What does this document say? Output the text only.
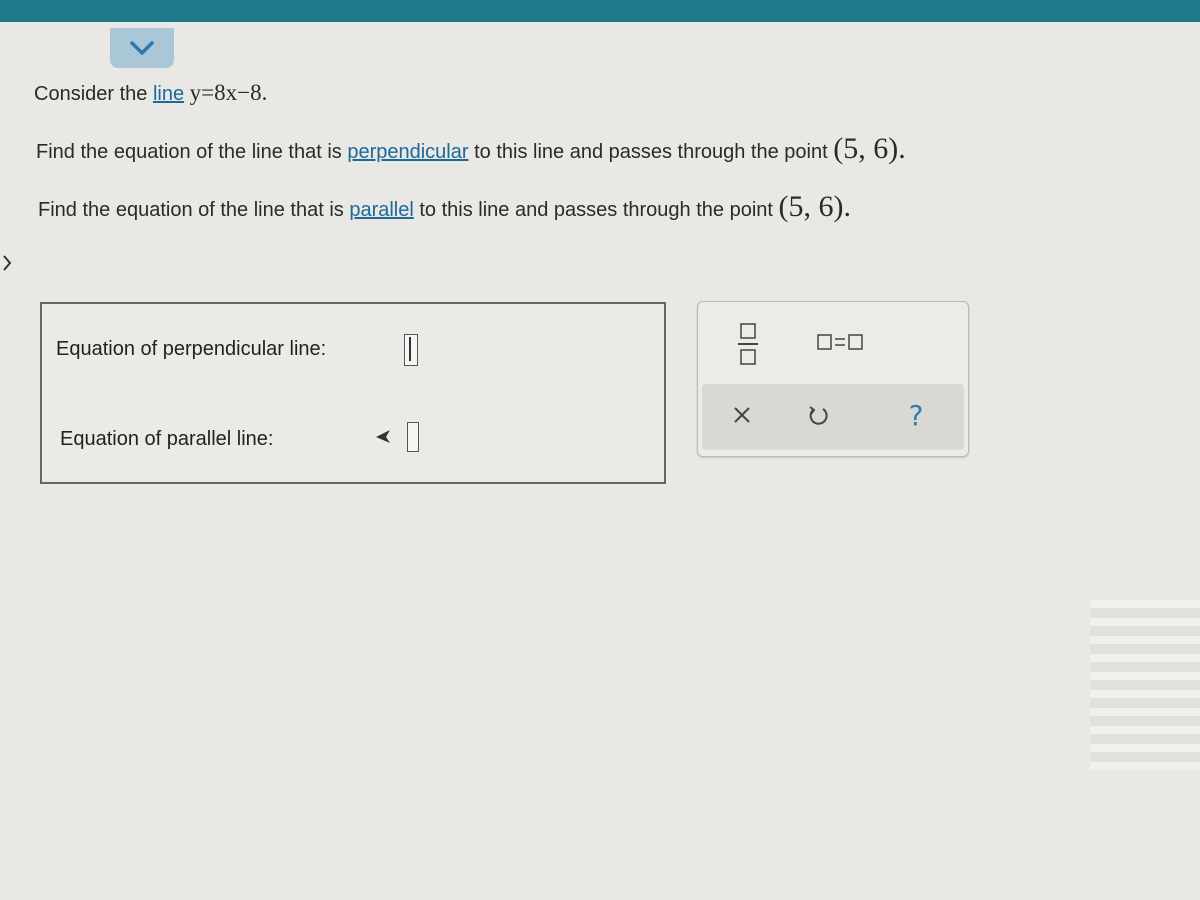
Consider the line y=8x−8.
Find the equation of the line that is perpendicular to this line and passes through the point (5, 6).
Find the equation of the line that is parallel to this line and passes through the point (5, 6).
Equation of perpendicular line:
Equation of parallel line:
?
